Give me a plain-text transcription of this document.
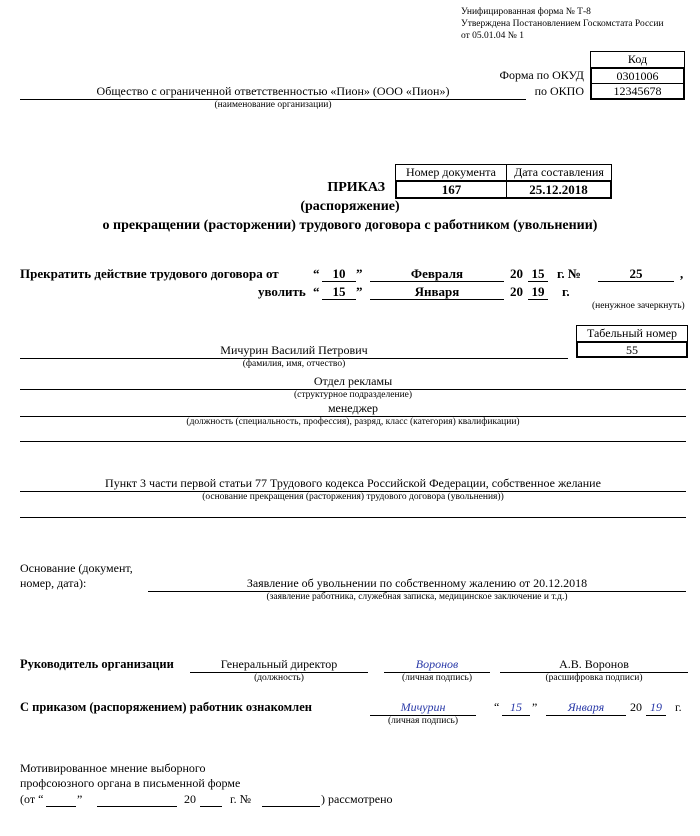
Унифицированная форма № Т-8
Утверждена Постановлением Госкомстата России
от 05.01.04 № 1
Код
0301006
12345678
Форма по ОКУД
по ОКПО
Общество с ограниченной ответственностью «Пион» (ООО «Пион»)
(наименование организации)
Номер документа	Дата составления
167	25.12.2018
ПРИКАЗ
(распоряжение)
о прекращении (расторжении) трудового договора с работником (увольнении)
Прекратить действие трудового договора от	“	10 ”	Февраля	20 15 г. №	25	,
уволить “	15 ”	Января	20 19 г.
(ненужное зачеркнуть)
Табельный номер
55
Мичурин Василий Петрович
(фамилия, имя, отчество)
Отдел рекламы
(структурное подразделение)
менеджер
(должность (специальность, профессия), разряд, класс (категория) квалификации)
Пункт 3 части первой статьи 77 Трудового кодекса Российской Федерации, собственное желание
(основание прекращения (расторжения) трудового договора (увольнения))
Основание (документ,
номер, дата):	Заявление об увольнении по собственному жалению от 20.12.2018
(заявление работника, служебная записка, медицинское заключение и т.д.)
Руководитель организации	Генеральный директор
(должность)
Воронов
(личная подпись)
А.В. Воронов
(расшифровка подписи)
С приказом (распоряжением) работник ознакомлен	Мичурин
(личная подпись)
“ 15 ”	Января	20 19	г.
Мотивированное мнение выборного
профсоюзного органа в письменной форме
(от “	”	20	г. №	) рассмотрено
